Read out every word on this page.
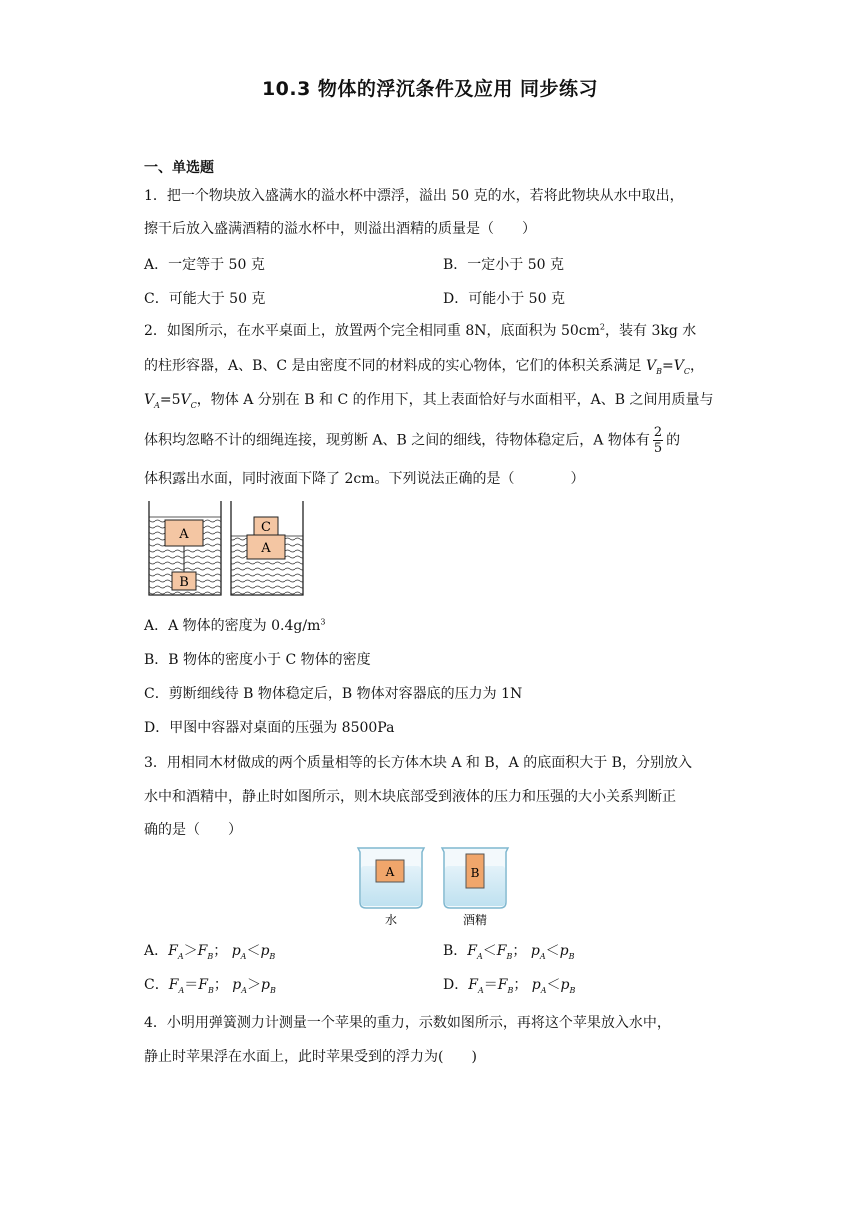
10.3 物体的浮沉条件及应用 同步练习
一、单选题
1．把一个物块放入盛满水的溢水杯中漂浮，溢出 50 克的水，若将此物块从水中取出，
擦干后放入盛满酒精的溢水杯中，则溢出酒精的质量是（　　）
A．一定等于 50 克	B．一定小于 50 克
C．可能大于 50 克	D．可能小于 50 克
2．如图所示，在水平桌面上，放置两个完全相同重 8N，底面积为 $50cm^2$，装有 3kg 水
的柱形容器，A、B、C 是由密度不同的材料成的实心物体，它们的体积关系满足 $V_B=V_C$，
$V_A=5V_C$，物体 A 分别在 B 和 C 的作用下，其上表面恰好与水面相平，A、B 之间用质量与
体积均忽略不计的细绳连接，现剪断 A、B 之间的细线，待物体稳定后，A 物体有 $\frac{2}{5}$ 的
体积露出水面，同时液面下降了 2cm。下列说法正确的是（　　　　）
A
B
C
A
A．A 物体的密度为 $0.4g/m^3$
B．B 物体的密度小于 C 物体的密度
C．剪断细线待 B 物体稳定后，B 物体对容器底的压力为 1N
D．甲图中容器对桌面的压强为 8500Pa
3．用相同木材做成的两个质量相等的长方体木块 A 和 B，A 的底面积大于 B，分别放入
水中和酒精中，静止时如图所示，则木块底部受到液体的压力和压强的大小关系判断正
确的是（　　）
A	B
水	酒精
A．$F_A>F_B$； $p_A<p_B$	B．$F_A<F_B$； $p_A<p_B$
C．$F_A=F_B$； $p_A>p_B$	D．$F_A=F_B$； $p_A<p_B$
4．小明用弹簧测力计测量一个苹果的重力，示数如图所示，再将这个苹果放入水中，
静止时苹果浮在水面上，此时苹果受到的浮力为(　　)
